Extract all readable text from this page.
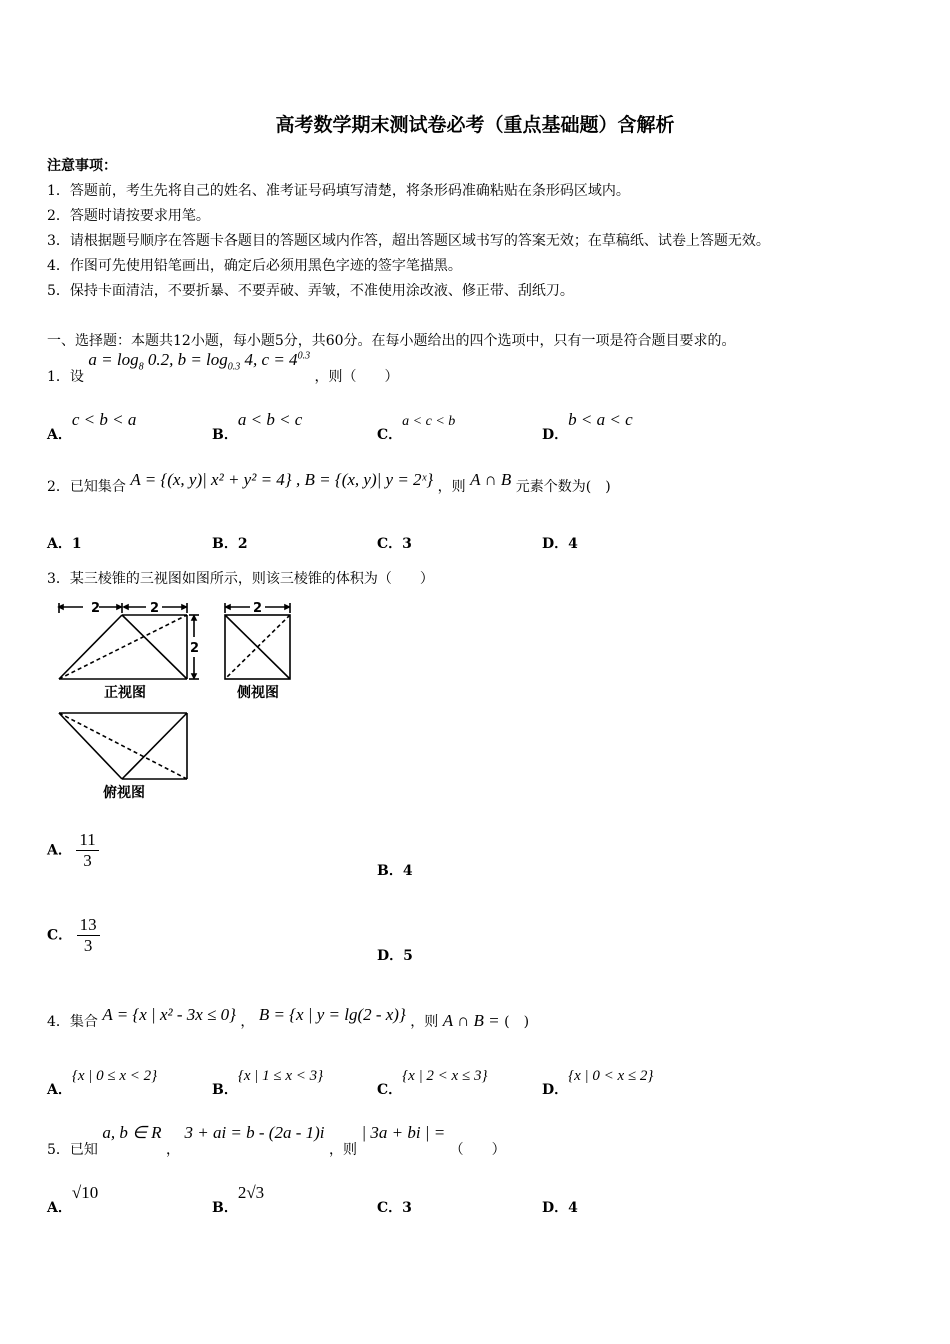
高考数学期末测试卷必考（重点基础题）含解析
注意事项：
1．答题前，考生先将自己的姓名、准考证号码填写清楚，将条形码准确粘贴在条形码区域内。
2．答题时请按要求用笔。
3．请根据题号顺序在答题卡各题目的答题区域内作答，超出答题区域书写的答案无效；在草稿纸、试卷上答题无效。
4．作图可先使用铅笔画出，确定后必须用黑色字迹的签字笔描黑。
5．保持卡面清洁，不要折暴、不要弄破、弄皱，不准使用涂改液、修正带、刮纸刀。
一、选择题：本题共12小题，每小题5分，共60分。在每小题给出的四个选项中，只有一项是符合题目要求的。
1．设 $a = \log_8 0.2$, $b = \log_{0.3} 4$, $c = 4^{0.3}$ ，则（　　）
A．c < b < a
B．a < b < c
C．a < c < b
D．b < a < c
2．已知集合 A = {(x, y)| x² + y² = 4} , B = {(x, y)| y = 2ˣ} ，则 A ∩ B 元素个数为(　)
A．1	B．2	C．3	D．4
3．某三棱锥的三视图如图所示，则该三棱锥的体积为（　　）
2	2
2
正视图
2
侧视图
俯视图
A． $\frac{11}{3}$	B．4
C． $\frac{13}{3}$	D．5
4．集合 A = {x | x² - 3x ≤ 0} ， B = {x | y = lg(2 - x)} ，则 A ∩ B = (　)
A．{x | 0 ≤ x < 2}
B．{x | 1 ≤ x < 3}
C．{x | 2 < x ≤ 3}
D．{x | 0 < x ≤ 2}
5．已知 a, b ∈ R ， 3 + ai = b - (2a - 1)i ，则 | 3a + bi | = （　　）
A．√10
B．2√3
C．3	D．4
